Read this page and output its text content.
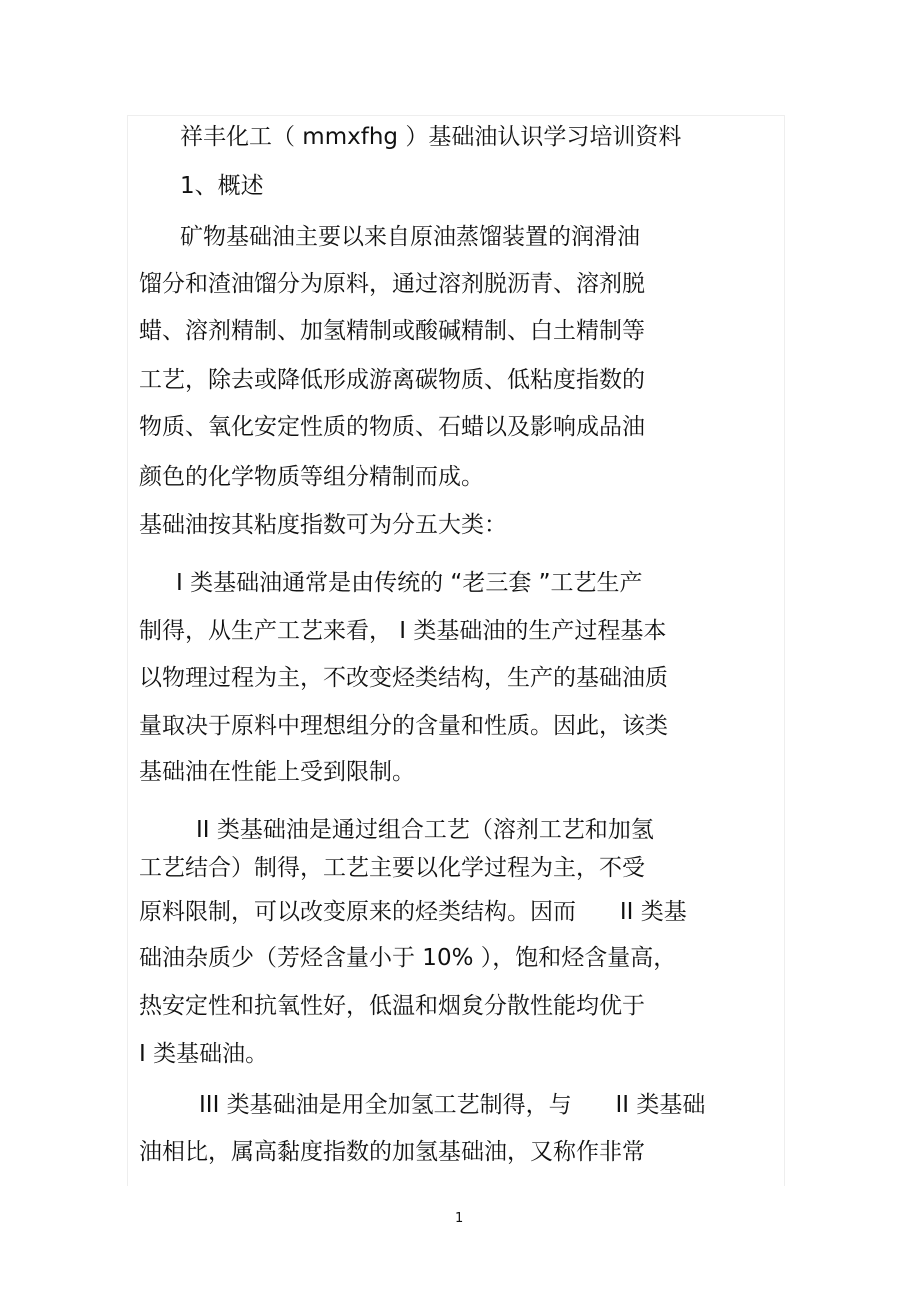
祥丰化工（ mmxfhg ）基础油认识学习培训资料
1、概述
矿物基础油主要以来自原油蒸馏装置的润滑油
馏分和渣油馏分为原料，通过溶剂脱沥青、溶剂脱
蜡、溶剂精制、加氢精制或酸碱精制、白土精制等
工艺，除去或降低形成游离碳物质、低粘度指数的
物质、氧化安定性质的物质、石蜡以及影响成品油
颜色的化学物质等组分精制而成。
基础油按其粘度指数可为分五大类：
I 类基础油通常是由传统的 “老三套 ”工艺生产
制得，从生产工艺来看， I 类基础油的生产过程基本
以物理过程为主，不改变烃类结构，生产的基础油质
量取决于原料中理想组分的含量和性质。因此，该类
基础油在性能上受到限制。
II 类基础油是通过组合工艺（溶剂工艺和加氢
工艺结合）制得，工艺主要以化学过程为主，不受
原料限制，可以改变原来的烃类结构。因而      II 类基
础油杂质少（芳烃含量小于 10% ），饱和烃含量高，
热安定性和抗氧性好，低温和烟炱分散性能均优于
I 类基础油。
III 类基础油是用全加氢工艺制得，与      II 类基础
油相比，属高黏度指数的加氢基础油，又称作非常
1
